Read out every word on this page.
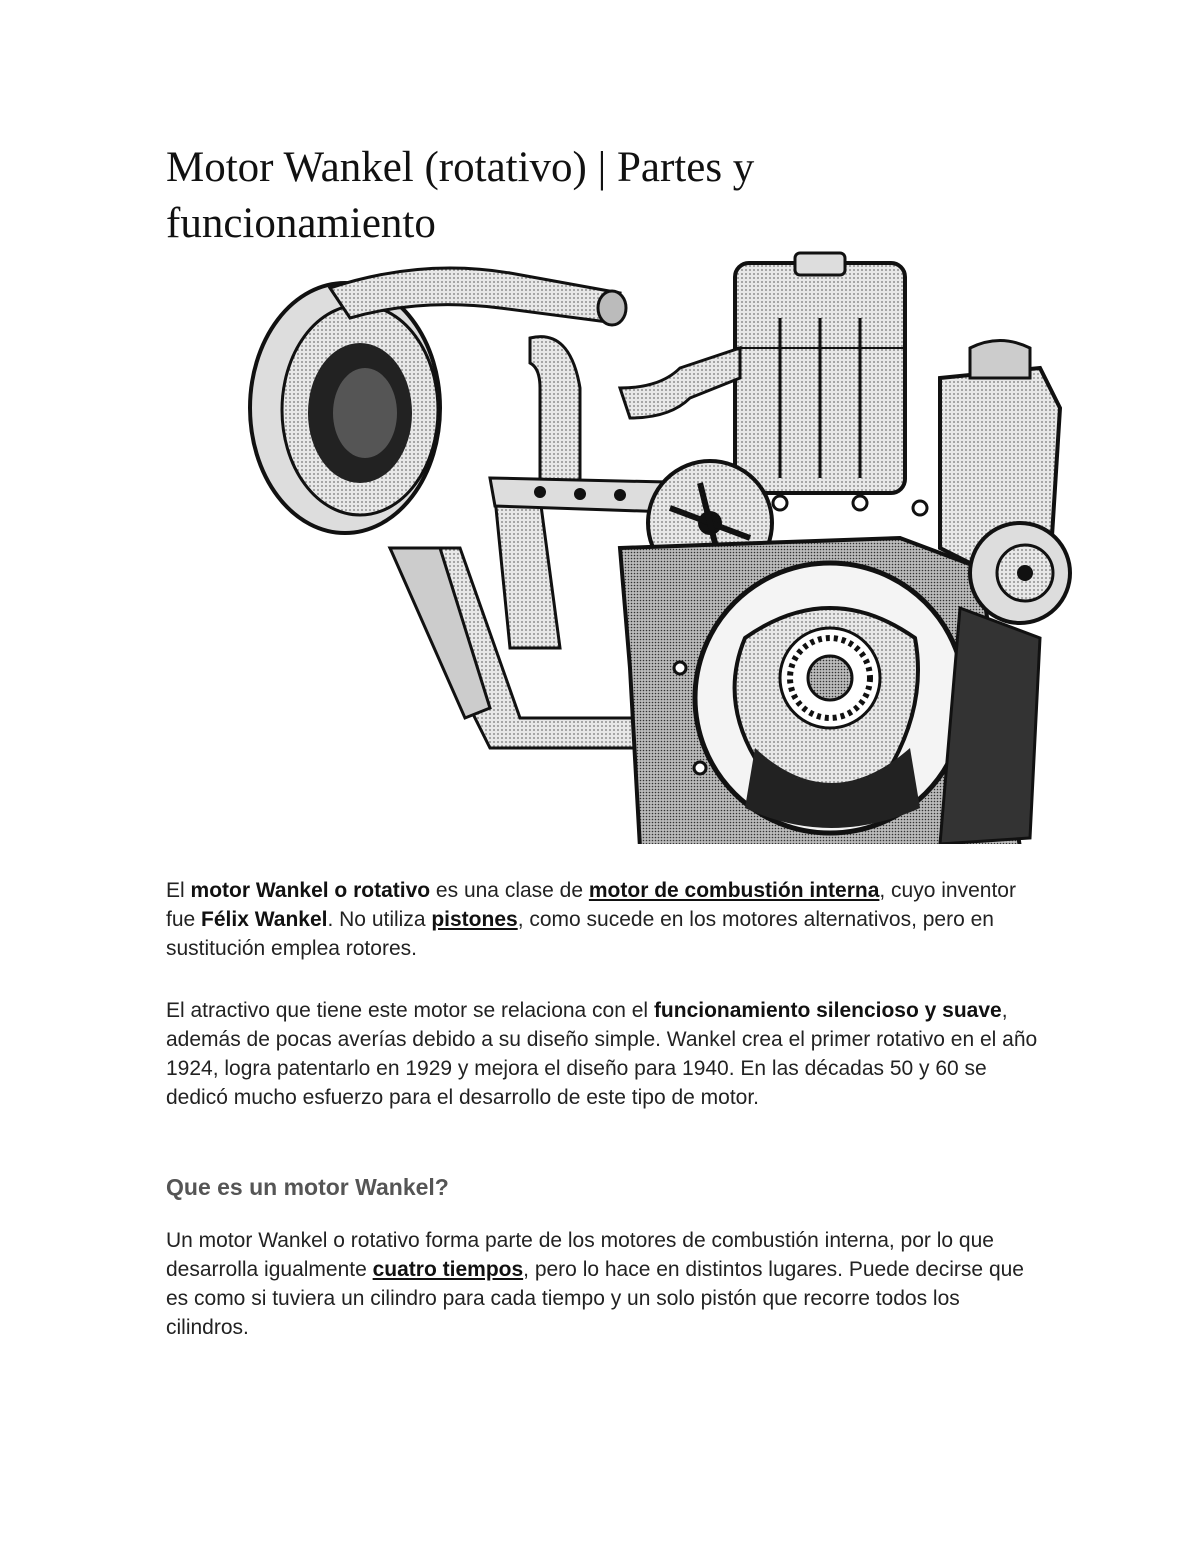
Motor Wankel (rotativo) | Partes y funcionamiento

El motor Wankel o rotativo es una clase de motor de combustión interna, cuyo inventor fue Félix Wankel. No utiliza pistones, como sucede en los motores alternativos, pero en sustitución emplea rotores.

El atractivo que tiene este motor se relaciona con el funcionamiento silencioso y suave, además de pocas averías debido a su diseño simple. Wankel crea el primer rotativo en el año 1924, logra patentarlo en 1929 y mejora el diseño para 1940. En las décadas 50 y 60 se dedicó mucho esfuerzo para el desarrollo de este tipo de motor.

Que es un motor Wankel?

Un motor Wankel o rotativo forma parte de los motores de combustión interna, por lo que desarrolla igualmente cuatro tiempos, pero lo hace en distintos lugares. Puede decirse que es como si tuviera un cilindro para cada tiempo y un solo pistón que recorre todos los cilindros.
